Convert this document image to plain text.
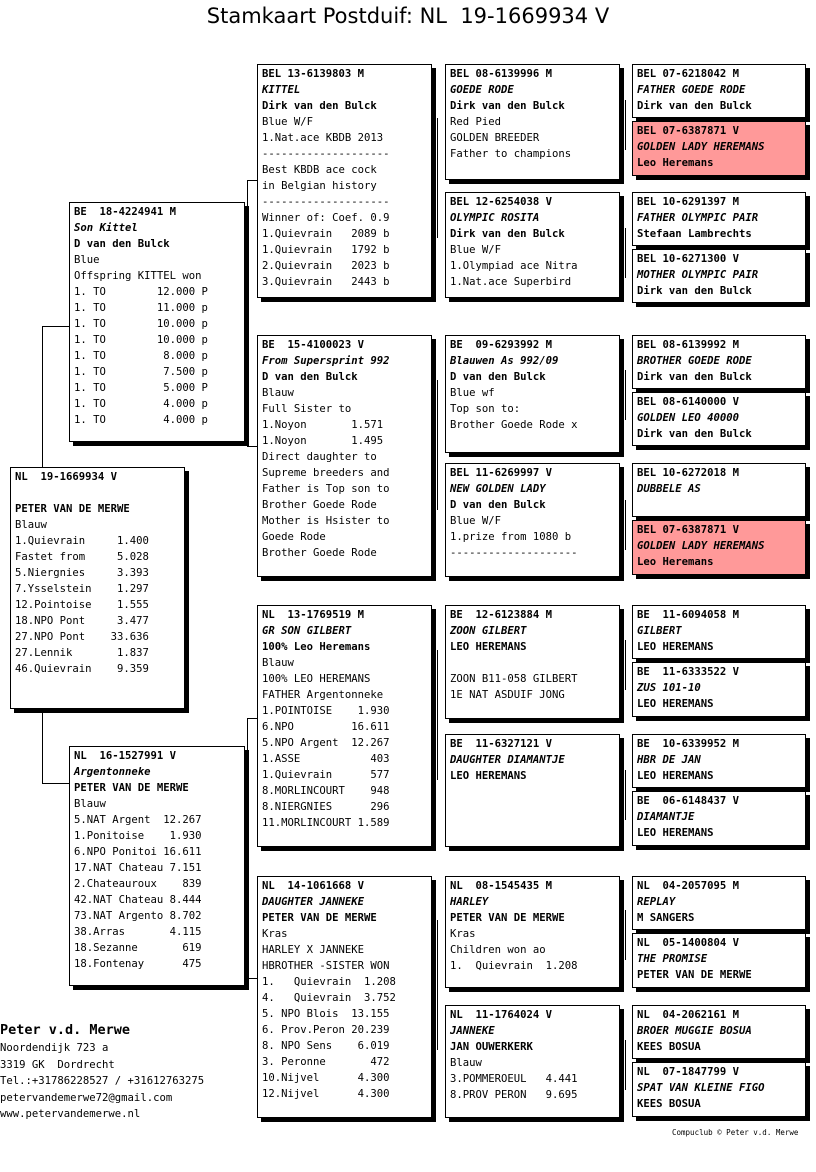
Stamkaart Postduif: NL  19-1669934 V
NL  19-1669934 V
PETER VAN DE MERWE
Blauw
1.Quievrain     1.400
Fastet from     5.028
5.Niergnies     3.393
7.Ysselstein    1.297
12.Pointoise    1.555
18.NPO Pont     3.477
27.NPO Pont    33.636
27.Lennik       1.837
46.Quievrain    9.359
BE  18-4224941 M
Son Kittel
D van den Bulck
Blue
Offspring KITTEL won
1. TO        12.000 P
1. TO        11.000 p
1. TO        10.000 p
1. TO        10.000 p
1. TO         8.000 p
1. TO         7.500 p
1. TO         5.000 P
1. TO         4.000 p
1. TO         4.000 p
NL  16-1527991 V
Argentonneke
PETER VAN DE MERWE
Blauw
5.NAT Argent  12.267
1.Ponitoise    1.930
6.NPO Ponitoi 16.611
17.NAT Chateau 7.151
2.Chateauroux    839
42.NAT Chateau 8.444
73.NAT Argento 8.702
38.Arras       4.115
18.Sezanne       619
18.Fontenay      475
BEL 13-6139803 M
KITTEL
Dirk van den Bulck
Blue W/F
1.Nat.ace KBDB 2013
--------------------
Best KBDB ace cock
in Belgian history
--------------------
Winner of: Coef. 0.9
1.Quievrain   2089 b
1.Quievrain   1792 b
2.Quievrain   2023 b
3.Quievrain   2443 b
BE  15-4100023 V
From Supersprint 992
D van den Bulck
Blauw
Full Sister to
1.Noyon       1.571
1.Noyon       1.495
Direct daughter to
Supreme breeders and
Father is Top son to
Brother Goede Rode
Mother is Hsister to
Goede Rode
Brother Goede Rode
NL  13-1769519 M
GR SON GILBERT
100% Leo Heremans
Blauw
100% LEO HEREMANS
FATHER Argentonneke
1.POINTOISE    1.930
6.NPO         16.611
5.NPO Argent  12.267
1.ASSE           403
1.Quievrain      577
8.MORLINCOURT    948
8.NIERGNIES      296
11.MORLINCOURT 1.589
NL  14-1061668 V
DAUGHTER JANNEKE
PETER VAN DE MERWE
Kras
HARLEY X JANNEKE
HBROTHER -SISTER WON
1.   Quievrain  1.208
4.   Quievrain  3.752
5. NPO Blois  13.155
6. Prov.Peron 20.239
8. NPO Sens    6.019
3. Peronne       472
10.Nijvel      4.300
12.Nijvel      4.300
BEL 08-6139996 M
GOEDE RODE
Dirk van den Bulck
Red Pied
GOLDEN BREEDER
Father to champions
BEL 12-6254038 V
OLYMPIC ROSITA
Dirk van den Bulck
Blue W/F
1.Olympiad ace Nitra
1.Nat.ace Superbird
BE  09-6293992 M
Blauwen As 992/09
D van den Bulck
Blue wf
Top son to:
Brother Goede Rode x
BEL 11-6269997 V
NEW GOLDEN LADY
D van den Bulck
Blue W/F
1.prize from 1080 b
--------------------
BE  12-6123884 M
ZOON GILBERT
LEO HEREMANS
ZOON B11-058 GILBERT
1E NAT ASDUIF JONG
BE  11-6327121 V
DAUGHTER DIAMANTJE
LEO HEREMANS
NL  08-1545435 M
HARLEY
PETER VAN DE MERWE
Kras
Children won ao
1.  Quievrain  1.208
NL  11-1764024 V
JANNEKE
JAN OUWERKERK
Blauw
3.POMMEROEUL   4.441
8.PROV PERON   9.695
BEL 07-6218042 M
FATHER GOEDE RODE
Dirk van den Bulck
BEL 07-6387871 V
GOLDEN LADY HEREMANS
Leo Heremans
BEL 10-6291397 M
FATHER OLYMPIC PAIR
Stefaan Lambrechts
BEL 10-6271300 V
MOTHER OLYMPIC PAIR
Dirk van den Bulck
BEL 08-6139992 M
BROTHER GOEDE RODE
Dirk van den Bulck
BEL 08-6140000 V
GOLDEN LEO 40000
Dirk van den Bulck
BEL 10-6272018 M
DUBBELE AS
BEL 07-6387871 V
GOLDEN LADY HEREMANS
Leo Heremans
BE  11-6094058 M
GILBERT
LEO HEREMANS
BE  11-6333522 V
ZUS 101-10
LEO HEREMANS
BE  10-6339952 M
HBR DE JAN
LEO HEREMANS
BE  06-6148437 V
DIAMANTJE
LEO HEREMANS
NL  04-2057095 M
REPLAY
M SANGERS
NL  05-1400804 V
THE PROMISE
PETER VAN DE MERWE
NL  04-2062161 M
BROER MUGGIE BOSUA
KEES BOSUA
NL  07-1847799 V
SPAT VAN KLEINE FIGO
KEES BOSUA
Peter v.d. Merwe
Noordendijk 723 a
3319 GK  Dordrecht
Tel.:+31786228527 / +31612763275
petervandemerwe72@gmail.com
www.petervandemerwe.nl
Compuclub © Peter v.d. Merwe
